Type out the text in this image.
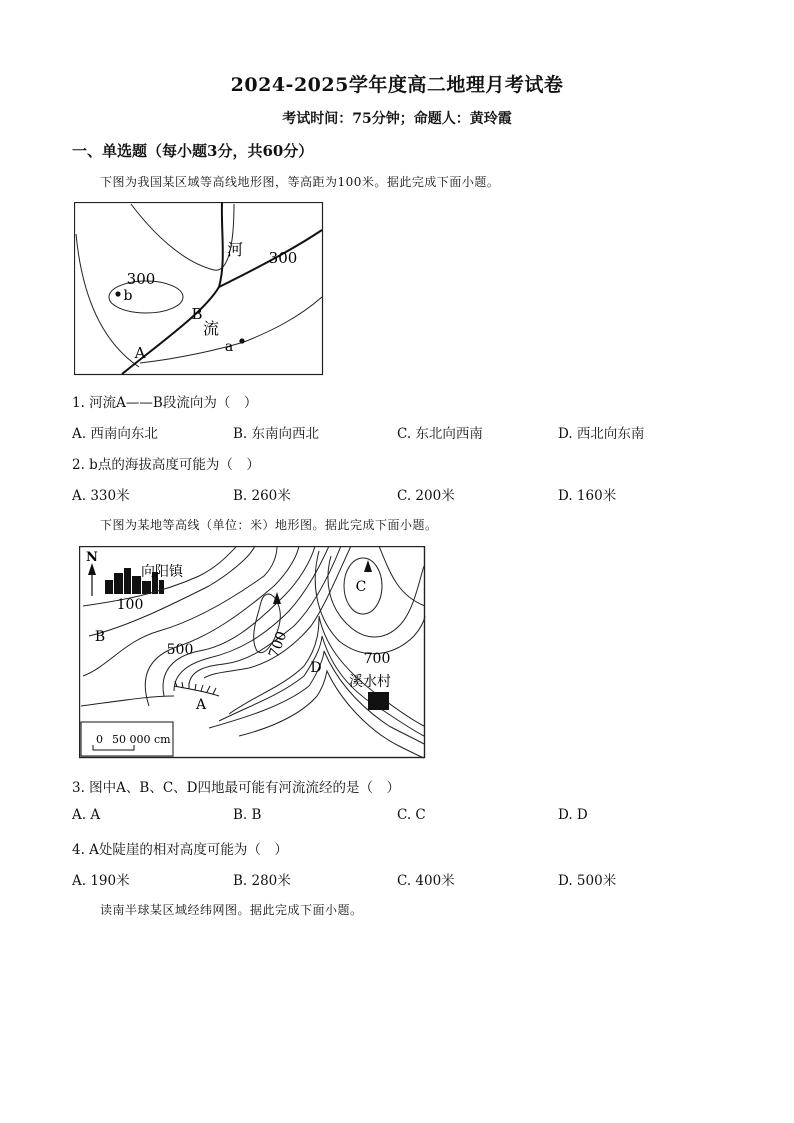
2024-2025学年度高二地理月考试卷
考试时间：75分钟；命题人：黄玲霞
一、单选题（每小题3分，共60分）
下图为我国某区域等高线地形图，等高距为100米。据此完成下面小题。
300
300
河
流
A
B
a
b
1. 河流A——B段流向为（　）
A. 西南向东北	B. 东南向西北	C. 东北向西南	D. 西北向东南
2. b点的海拔高度可能为（　）
A. 330米	B. 260米	C. 200米	D. 160米
下图为某地等高线（单位：米）地形图。据此完成下面小题。
N
向阳镇
溪水村
100
500	700	700
A
B
C
D
0 50 000 cm
3. 图中A、B、C、D四地最可能有河流流经的是（　）
A. A	B. B	C. C	D. D
4. A处陡崖的相对高度可能为（　）
A. 190米	B. 280米	C. 400米	D. 500米
读南半球某区域经纬网图。据此完成下面小题。
